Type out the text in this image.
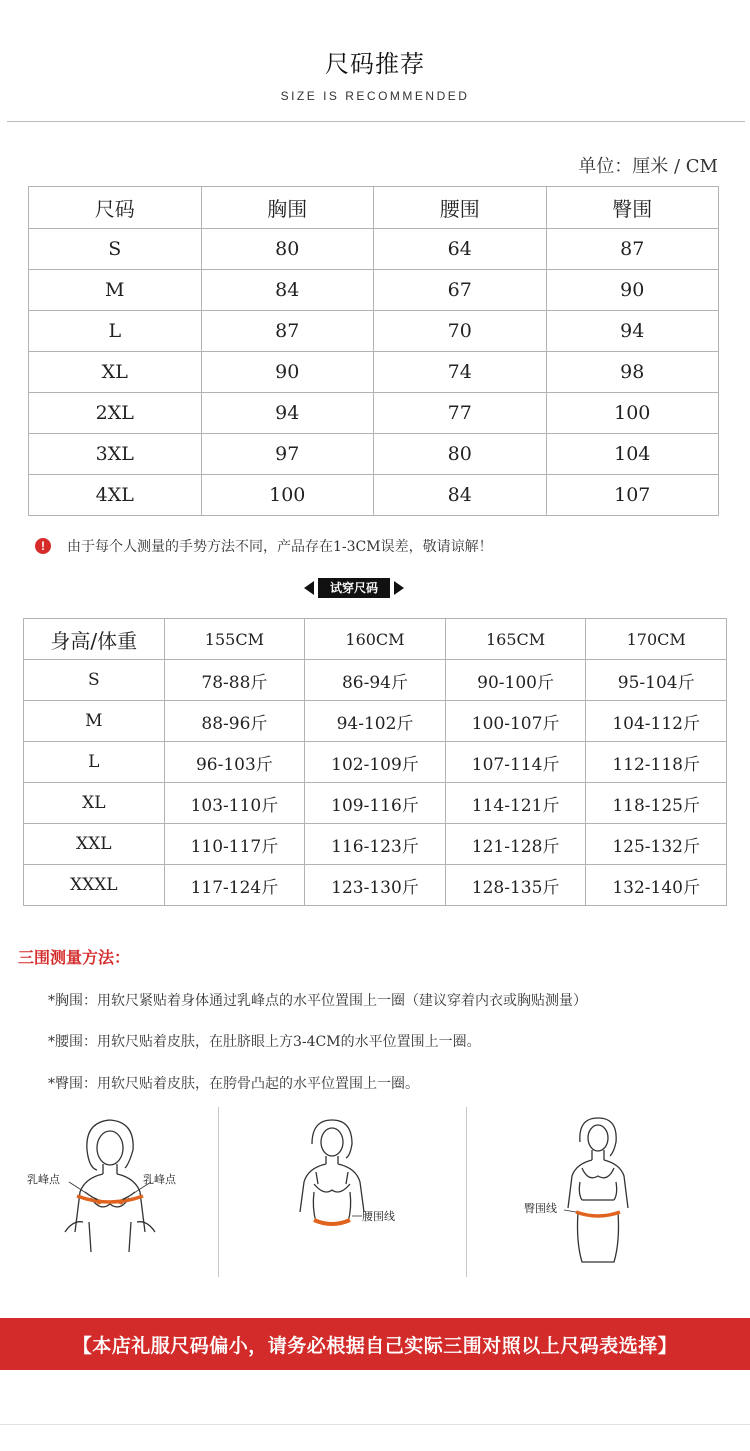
尺码推荐
SIZE IS RECOMMENDED
单位：厘米 / CM
尺码	胸围	腰围	臀围
S	80	64	87
M	84	67	90
L	87	70	94
XL	90	74	98
2XL	94	77	100
3XL	97	80	104
4XL	100	84	107
!	由于每个人测量的手势方法不同，产品存在1-3CM误差，敬请谅解！
试穿尺码
身高/体重	155CM	160CM	165CM	170CM
S	78-88斤	86-94斤	90-100斤	95-104斤
M	88-96斤	94-102斤	100-107斤	104-112斤
L	96-103斤	102-109斤	107-114斤	112-118斤
XL	103-110斤	109-116斤	114-121斤	118-125斤
XXL	110-117斤	116-123斤	121-128斤	125-132斤
XXXL	117-124斤	123-130斤	128-135斤	132-140斤
三围测量方法：
*胸围：用软尺紧贴着身体通过乳峰点的水平位置围上一圈（建议穿着内衣或胸贴测量）
*腰围：用软尺贴着皮肤，在肚脐眼上方3-4CM的水平位置围上一圈。
*臀围：用软尺贴着皮肤，在胯骨凸起的水平位置围上一圈。
乳峰点	乳峰点
腰围线
臀围线
【本店礼服尺码偏小，请务必根据自己实际三围对照以上尺码表选择】
